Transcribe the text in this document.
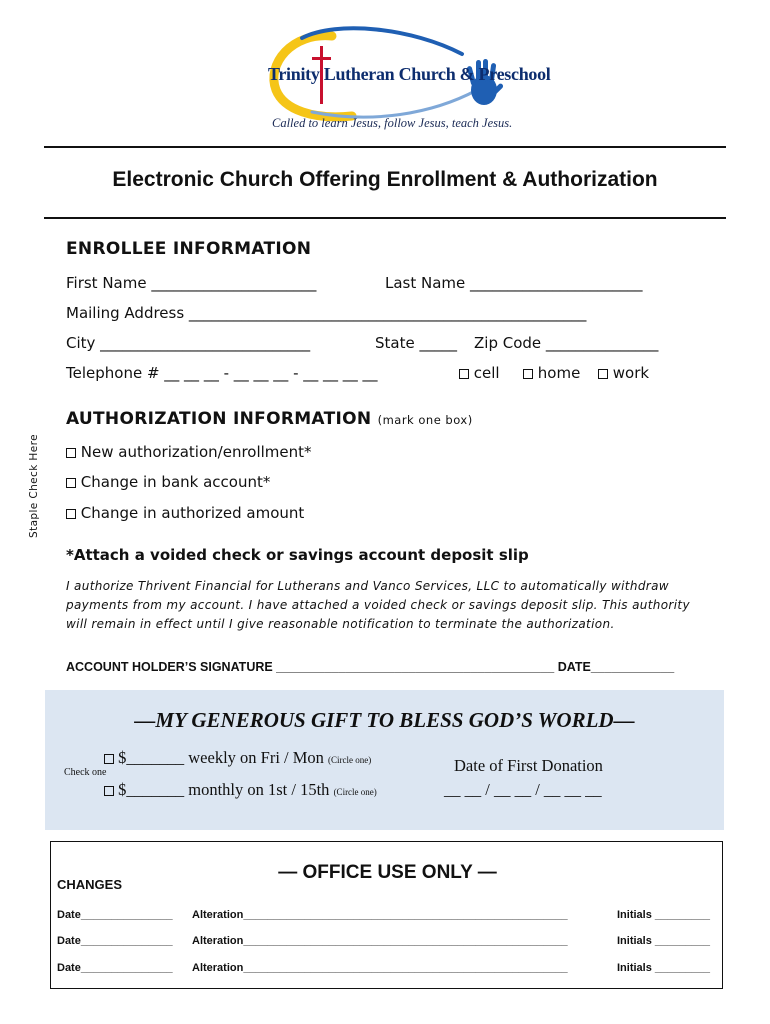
Trinity Lutheran Church & Preschool
Called to learn Jesus, follow Jesus, teach Jesus.
Electronic Church Offering Enrollment & Authorization
ENROLLEE INFORMATION
First Name ______________________	Last Name _______________________
Mailing Address _____________________________________________________
City ____________________________	State _____ Zip Code _______________
Telephone # __ __ __ - __ __ __ - __ __ __ __	cell	home	work
AUTHORIZATION INFORMATION (mark one box)
Staple Check Here	New authorization/enrollment*
Change in bank account*
Change in authorized amount
*Attach a voided check or savings account deposit slip
I authorize Thrivent Financial for Lutherans and Vanco Services, LLC to automatically withdraw payments from my account. I have attached a voided check or savings deposit slip. This authority will remain in effect until I give reasonable notification to terminate the authorization.
ACCOUNT HOLDER’S SIGNATURE ________________________________________ DATE____________
—MY GENEROUS GIFT TO BLESS GOD’S WORLD—
Check one
$_______ weekly on Fri / Mon (Circle one)
$_______ monthly on 1st / 15th (Circle one)
Date of First Donation
__ __ / __ __ / __ __ __
— OFFICE USE ONLY —
CHANGES
Date_______________ Alteration_____________________________________________________	Initials _________
Date_______________ Alteration_____________________________________________________	Initials _________
Date_______________ Alteration_____________________________________________________	Initials _________
